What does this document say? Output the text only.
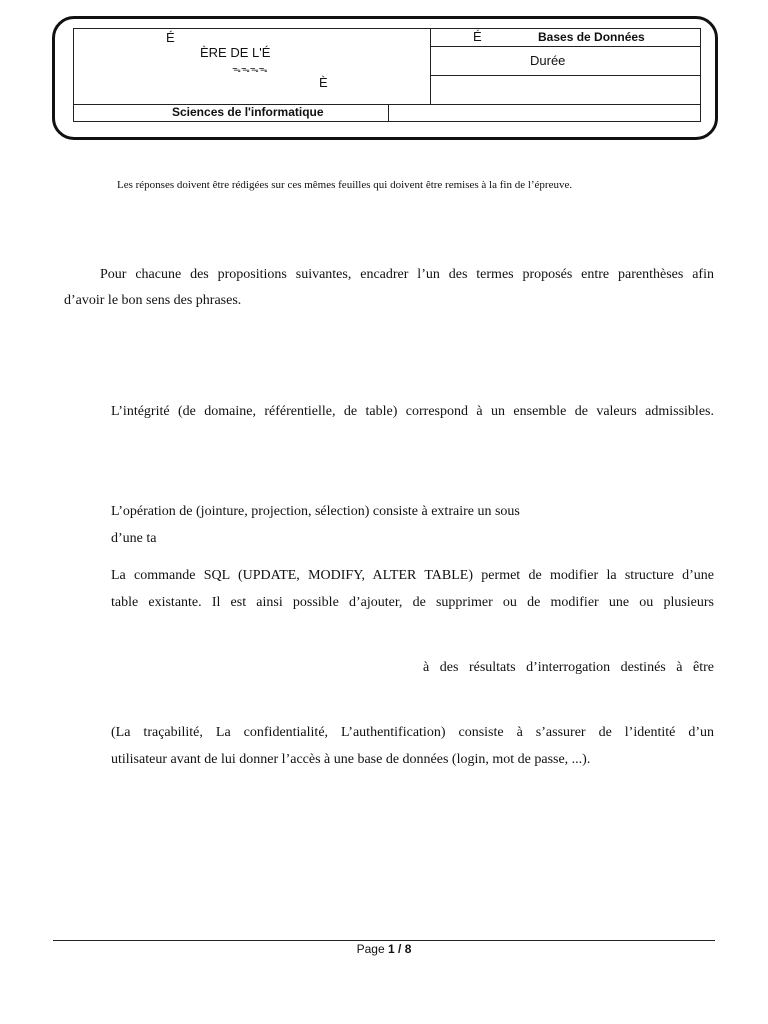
É
ÈRE DE L'É
ᯓᯓᯓᯓ
È
É	Bases de Données
Durée
Sciences de l'informatique
Les réponses doivent être rédigées sur ces mêmes feuilles qui doivent être remises à la fin de l’épreuve.
Pour chacune des propositions suivantes, encadrer l’un des termes proposés entre parenthèses afin
d’avoir le bon sens des phrases.
L’intégrité (de domaine, référentielle, de table) correspond à un ensemble de valeurs admissibles.
L’opération de (jointure, projection, sélection) consiste à extraire un sous
d’une ta
La commande SQL (UPDATE, MODIFY, ALTER TABLE) permet de modifier la structure d’une
table existante. Il est ainsi possible d’ajouter, de supprimer ou de modifier une ou plusieurs
à des résultats d’interrogation destinés à être
(La traçabilité, La confidentialité, L’authentification) consiste à s’assurer de l’identité d’un
utilisateur avant de lui donner l’accès à une base de données (login, mot de passe, ...).
Page 1 / 8
